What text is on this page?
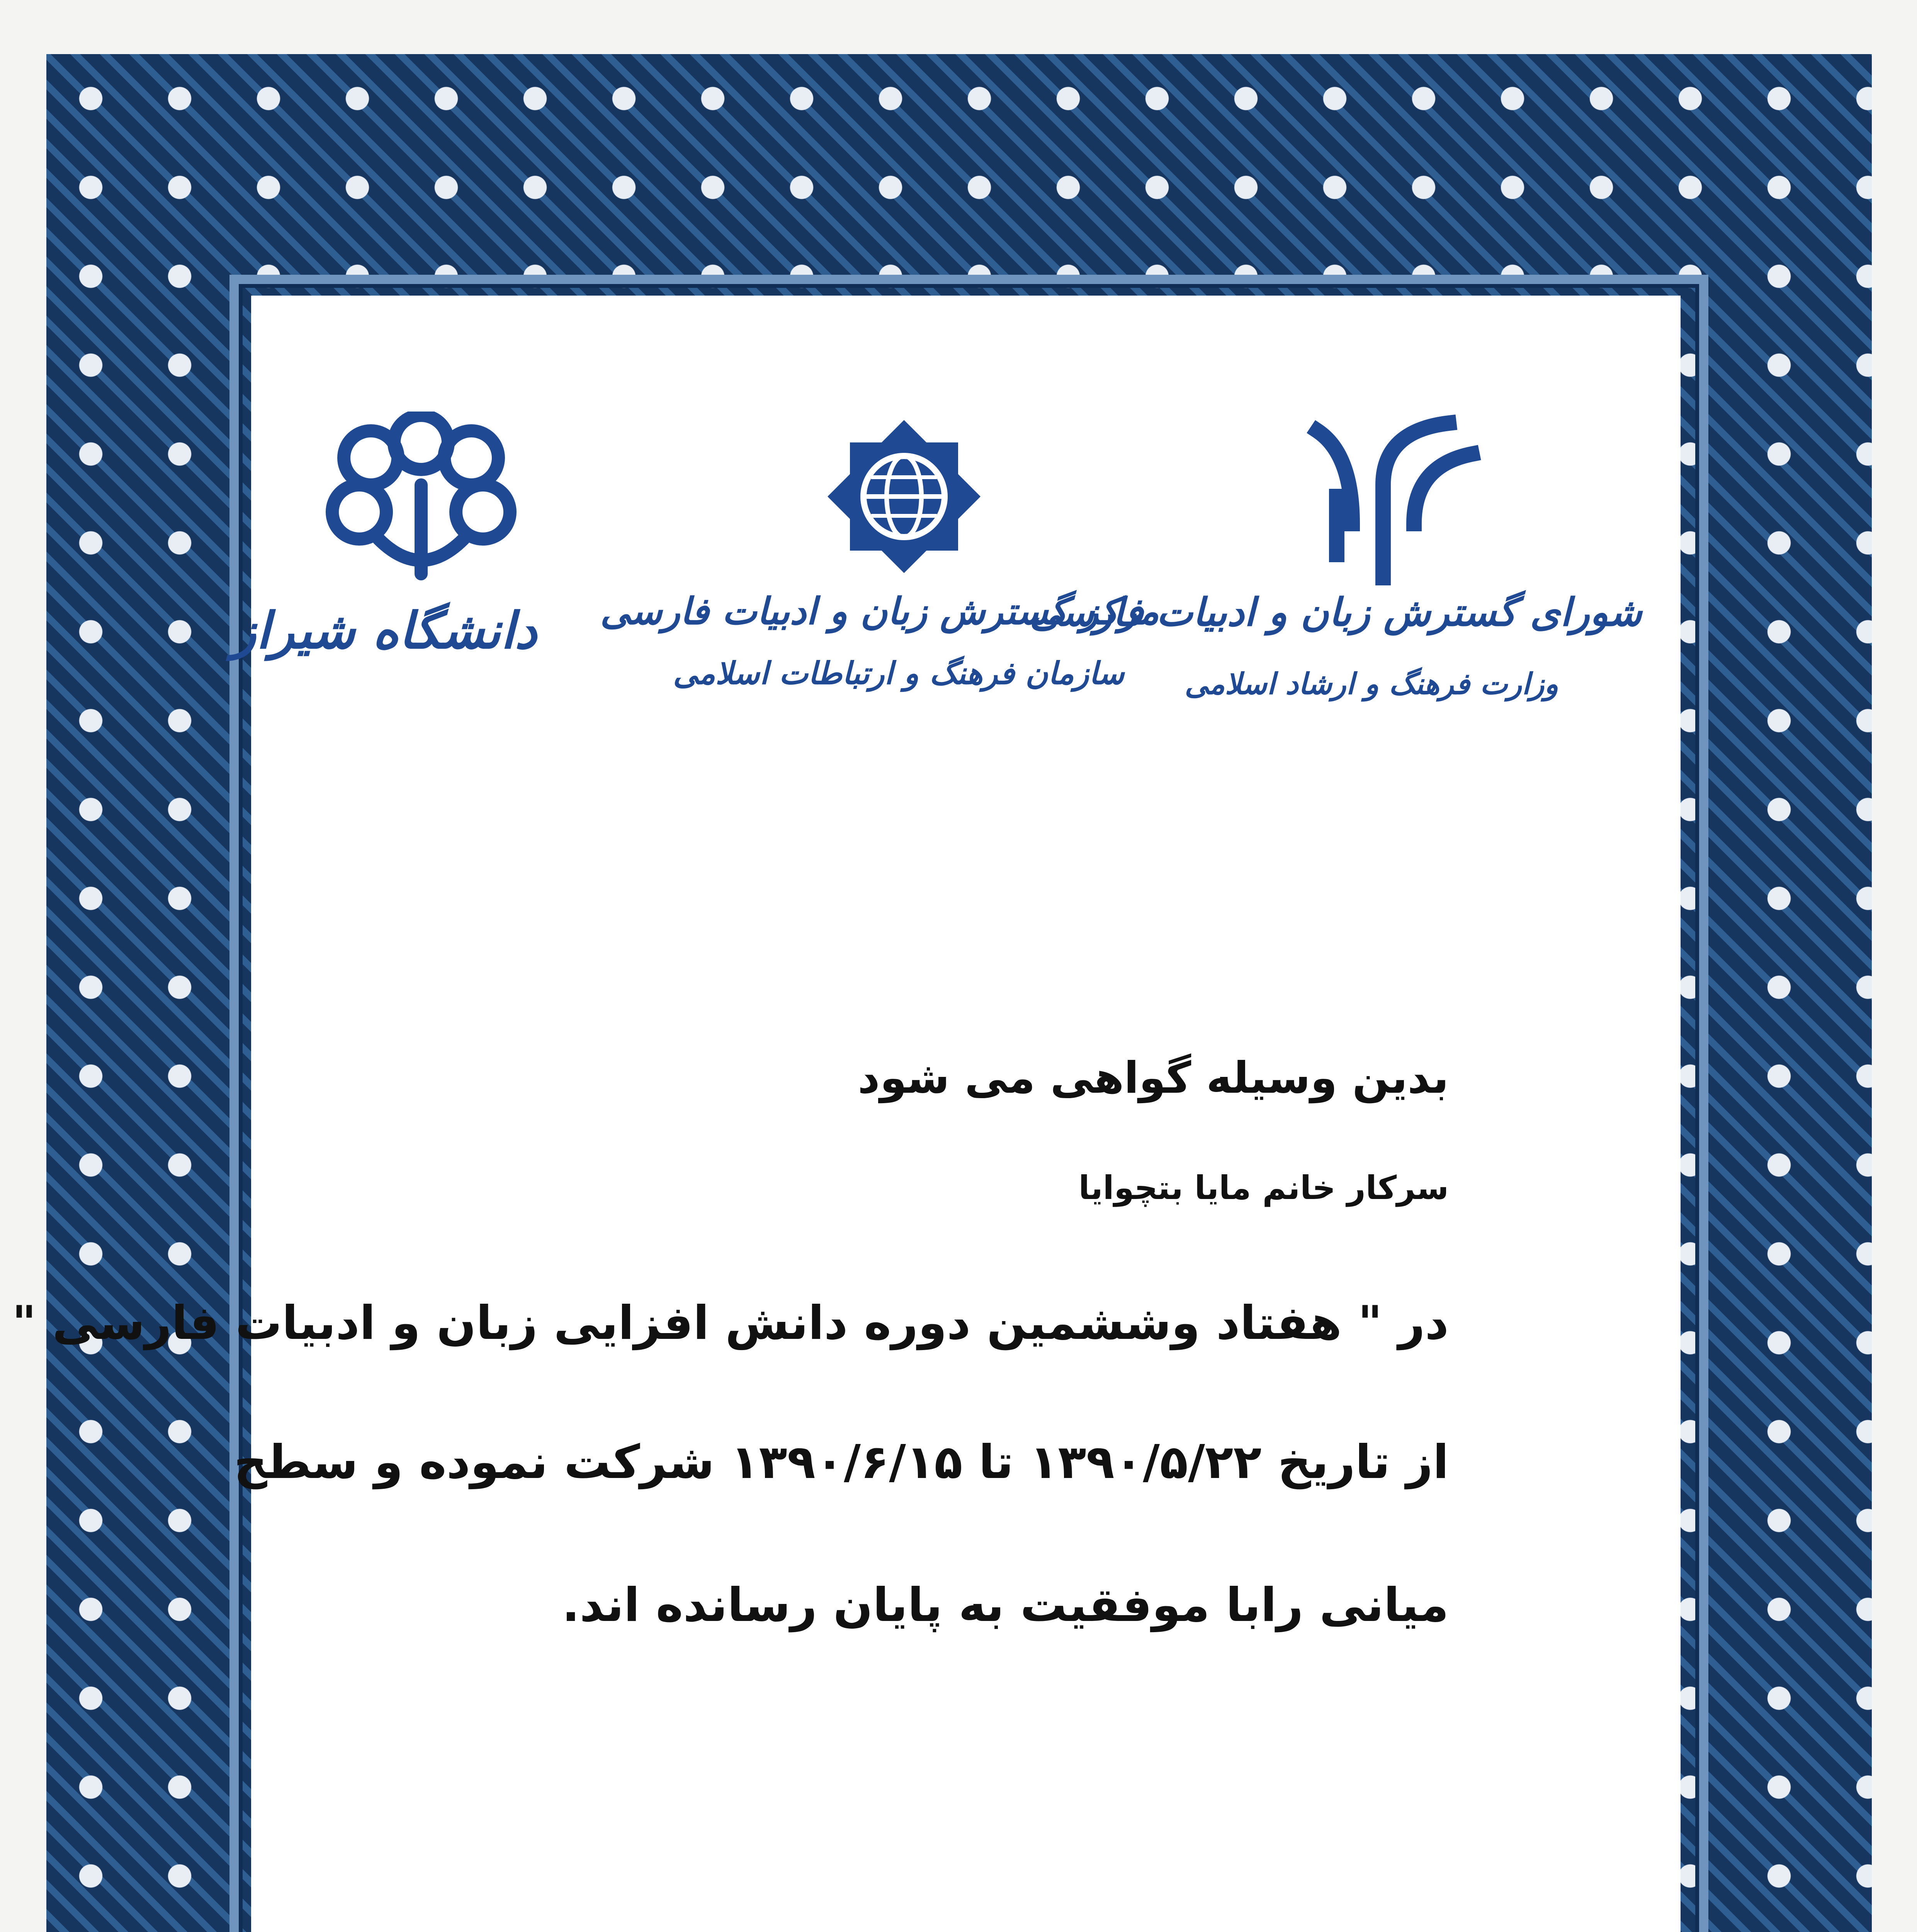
دانشگاه شیراز مرکز گسترش زبان و ادبیات فارسی
سازمان فرهنگ و ارتباطات اسلامی
شورای گسترش زبان و ادبیات فارسی
وزارت فرهنگ و ارشاد اسلامی
بدین وسیله گواهی می شود
سرکار خانم مایا بتچوایا
در " هفتاد وششمین دوره دانش افزایی زبان و ادبیات فارسی "
از تاریخ ۱۳۹۰/۵/۲۲ تا ۱۳۹۰/۶/۱۵ شرکت نموده و سطح
میانی رابا موفقیت به پایان رسانده اند.
